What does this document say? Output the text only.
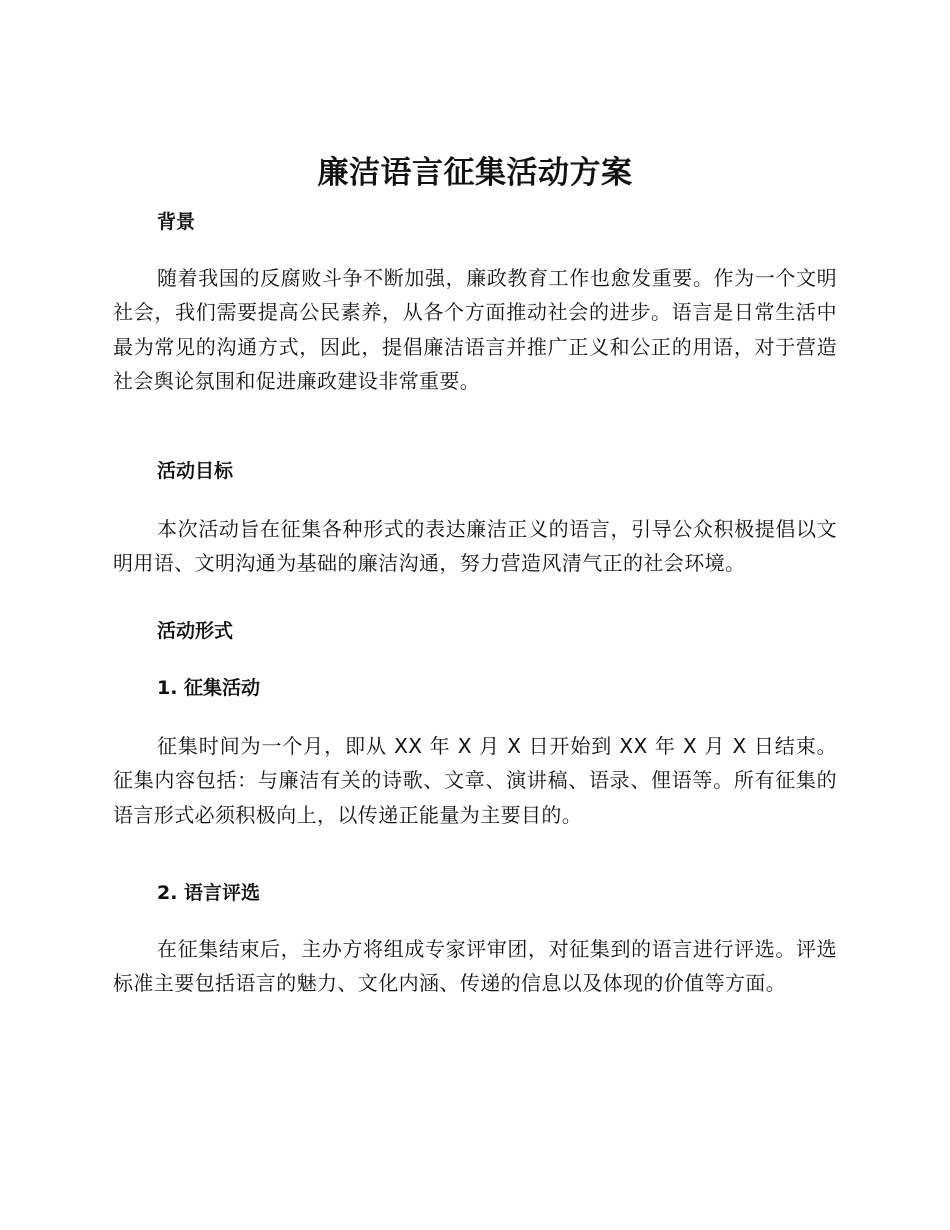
廉洁语言征集活动方案
背景
随着我国的反腐败斗争不断加强，廉政教育工作也愈发重要。作为一个文明社会，我们需要提高公民素养，从各个方面推动社会的进步。语言是日常生活中最为常见的沟通方式，因此，提倡廉洁语言并推广正义和公正的用语，对于营造社会舆论氛围和促进廉政建设非常重要。
活动目标
本次活动旨在征集各种形式的表达廉洁正义的语言，引导公众积极提倡以文明用语、文明沟通为基础的廉洁沟通，努力营造风清气正的社会环境。
活动形式
1. 征集活动
征集时间为一个月，即从 XX 年 X 月 X 日开始到 XX 年 X 月 X 日结束。征集内容包括：与廉洁有关的诗歌、文章、演讲稿、语录、俚语等。所有征集的语言形式必须积极向上，以传递正能量为主要目的。
2. 语言评选
在征集结束后，主办方将组成专家评审团，对征集到的语言进行评选。评选标准主要包括语言的魅力、文化内涵、传递的信息以及体现的价值等方面。
